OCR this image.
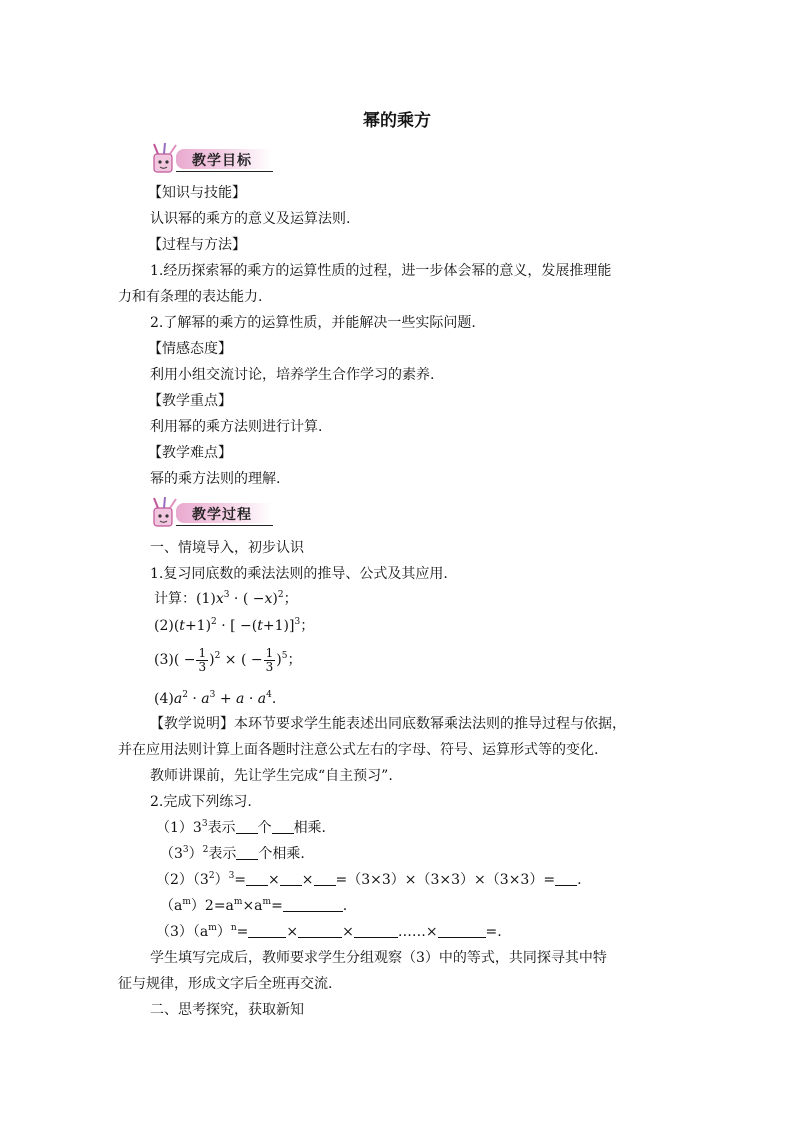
幂的乘方
教学目标
【知识与技能】
认识幂的乘方的意义及运算法则.
【过程与方法】
1.经历探索幂的乘方的运算性质的过程，进一步体会幂的意义，发展推理能
力和有条理的表达能力.
2.了解幂的乘方的运算性质，并能解决一些实际问题.
【情感态度】
利用小组交流讨论，培养学生合作学习的素养.
【教学重点】
利用幂的乘方法则进行计算.
【教学难点】
幂的乘方法则的理解.
教学过程
一、情境导入，初步认识
1.复习同底数的乘法法则的推导、公式及其应用.
计算：$(1)x^3$ · ( −x)$^2$；
$(2)(t+1)^2$ · [ −(t+1)]$^3$；
$(3)( - \frac{1}{3} )^2$ × ( − $\frac{1}{3} )^5$；
$(4)a^2 \cdot a^3 + a \cdot a^4$.
【教学说明】本环节要求学生能表述出同底数幂乘法法则的推导过程与依据，
并在应用法则计算上面各题时注意公式左右的字母、符号、运算形式等的变化.
教师讲课前，先让学生完成“自主预习”.
2.完成下列练习.
$(1)3^3$表示 个 相乘.
$(3^3)^2$表示 个相乘.
$(2)(3^2)^3=$ × × =（3×3）×（3×3）×（3×3）= .
$(a^m)2=a^m\times a^m=$	.
$(3)(a^m)^n=$	×	×	……×	=.
学生填写完成后，教师要求学生分组观察（3）中的等式，共同探寻其中特
征与规律，形成文字后全班再交流.
二、思考探究，获取新知
